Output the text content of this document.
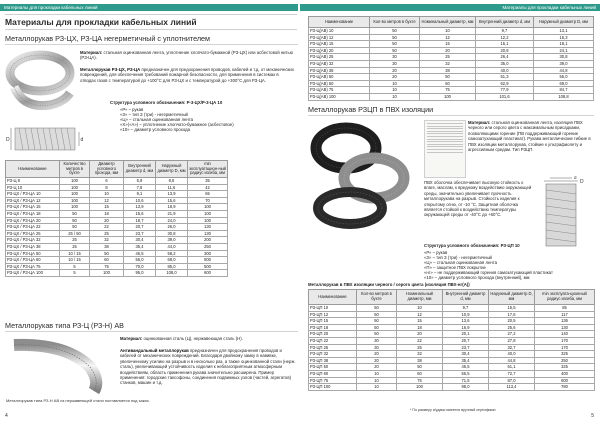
Материалы для прокладки кабельных линий
Материалы для прокладки кабельных линий
Металлорукав РЗ-ЦХ, РЗ-ЦА негерметичный с уплотнителем
D	d
Материал: стальная оцинкованная лента, уплотнение хлопчато-бумажной (РЗ-ЦХ) или асбестовой нитью (РЗ-ЦА).
Металлорукав РЗ-ЦХ, РЗ-ЦА предназначен для предохранения проводов, кабелей и т.д. от механических повреждений, для обеспечения требований пожарной безопасности, для применения в системах в отводах газов с температурой до +100°С для РЗ-ЦХ и с температурой до +300°С для РЗ-ЦА.
Структура условного обозначения: Р-3-ЦХ/Р-3-ЦА 10
«Р» – рукав
«З» – тип З (три) - негерметичный
«Ц» – стальная оцинкованная лента
«Х»(«А») – уплотнение хлопчато-бумажное (асбестовое)
«10» – диаметр условного прохода
Наименование	Количество метров в бухте	Диаметр условного прохода, мм	Внутренний диаметр d, мм	Наружный диаметр D, мм	min эксплуатацион-ный радиус изгиба, мм
РЗ-Ц 8	100	6	5,9	8,6	35
РЗ-Ц 10	100	8	7,8	11,6	42
РЗ-ЦХ / РЗ-ЦА 10	100	10	9,1	13,9	65
РЗ-ЦХ / РЗ-ЦА 12	100	12	10,6	15,6	70
РЗ-ЦХ / РЗ-ЦА 15	100	15	13,9	18,9	100
РЗ-ЦХ / РЗ-ЦА 18	50	18	15,6	21,9	100
РЗ-ЦХ / РЗ-ЦА 20	50	20	18,7	24,0	100
РЗ-ЦХ / РЗ-ЦА 22	50	22	20,7	26,0	130
РЗ-ЦХ / РЗ-ЦА 25	25 / 50	25	23,7	30,8	130
РЗ-ЦХ / РЗ-ЦА 32	25	32	30,4	39,0	200
РЗ-ЦХ / РЗ-ЦА 38	25	38	35,4	44,0	250
РЗ-ЦХ / РЗ-ЦА 50	10 / 15	50	46,5	58,2	300
РЗ-ЦХ / РЗ-ЦА 60	10 / 15	60	56,0	68,0	500
РЗ-ЦХ / РЗ-ЦА 75	5	75	70,0	85,0	500
РЗ-ЦХ / РЗ-ЦА 100	5	100	95,0	108,0	600
Металлорукав типа РЗ-Ц (РЗ-Н) АВ
Материал: оцинкованная сталь (Ц), нержавеющая сталь (Н).
Антивандальный металлорукав предназначен для предохранения проводов и кабелей от механических повреждений. Благодаря двойному замку в навивке, увеличенному усилию на разрыв и в несколько раз, а также оцинкованной стали (нерж. сталь), увеличивающей устойчивость изделия к неблагоприятным атмосферным воздействиям, область применения рукава значительно расширена. Пример применения: городские таксофоны, соединения подвижных узлов (частей, агрегатов) станков, машин и т.д.
Металлорукав типа РЗ-Н АВ из нержавеющей стали поставляется под заказ.
4
Материалы для прокладки кабельных линий
Наименование	Кол-во метров в бухте	Номинальный диаметр, мм	Внутренний диаметр d, мм	Наружный диаметр D, мм
РЗ-Ц(АВ) 10	50	10	9,7	13,1
РЗ-Ц(АВ) 12	50	12	12,2	15,3
РЗ-Ц(АВ) 15	50	15	15,1	18,1
РЗ-Ц(АВ) 20	50	20	20,8	24,1
РЗ-Ц(АВ) 25	30	25	26,4	30,8
РЗ-Ц(АВ) 32	30	32	35,0	39,0
РЗ-Ц(АВ) 38	20	38	40,0	44,8
РЗ-Ц(АВ) 50	20	50	51,3	56,0
РЗ-Ц(АВ) 60	10	60	62,9	69,0
РЗ-Ц(АВ) 75	10	75	77,9	84,7
РЗ-Ц(АВ) 100	10	100	101,6	108,8
Металлорукав РЗЦП в ПВХ изоляции
Материал: стальная оцинкованная лента, изоляция ПВХ черного или серого цвета с максимальным присадками, позволяющими горение (ПВ поддерживающий горение самозатухающий пластикат). Рукава металлические гибкие в ПВХ изоляции металлорукав, стойкие к ультрафиолету и агрессивным средам. Тип РЗЦП.
D
d
ПВХ оболочка обеспечивает высокую стойкость к влаге, маслам, к вредному воздействию окружающей среды, значительно увеличивает прочность металлорукава на разрыв. Стойкость изделия к открытому огню, от -10 °С. Защитная оболочка является стойкой к воздействию температуры окружающей среды от -40°С до +60°С.
Структура условного обозначения: РЗ-ЦП 10
«Р» – рукав
«З» – тип З (три) - негерметичный
«Ц» – стальная оцинкованная лента
«П» – защитное ПВХ покрытие
«нг» – не поддерживающий горения самозатухающий пластикат
«10» – диаметр условного прохода (внутренний), мм
Металлорукав в ПВХ изоляции черного / серого цвета (изоляция ПВХ-нг(А))
Наименование	Кол-во метров в бухте	Номинальный диаметр, мм	Внутренний диаметр d, мм	Наружный диаметр D, мм	min эксплуата-ционный радиус изгиба, мм
РЗ-ЦП 10	50	10	9,7	15,5	85
РЗ-ЦП 12	50	12	10,9	17,6	117
РЗ-ЦП 15	50	15	13,6	20,5	136
РЗ-ЦП 18	50	18	16,9	25,6	130
РЗ-ЦП 20	50	20	20,1	27,2	140
РЗ-ЦП 22	30	22	20,7	27,8	170
РЗ-ЦП 25	30	25	23,7	32,7	170
РЗ-ЦП 32	20	32	30,4	40,0	325
РЗ-ЦП 38	20	38	35,4	44,8	250
РЗ-ЦП 50	20	50	46,5	61,1	325
РЗ-ЦП 60	10	60	56,5	72,7	400
РЗ-ЦП 75	10	75	71,5	87,0	600
РЗ-ЦП 100	10	100	98,0	113,4	780
* По размеру и/удачи имеется вручный сертификат.
5
